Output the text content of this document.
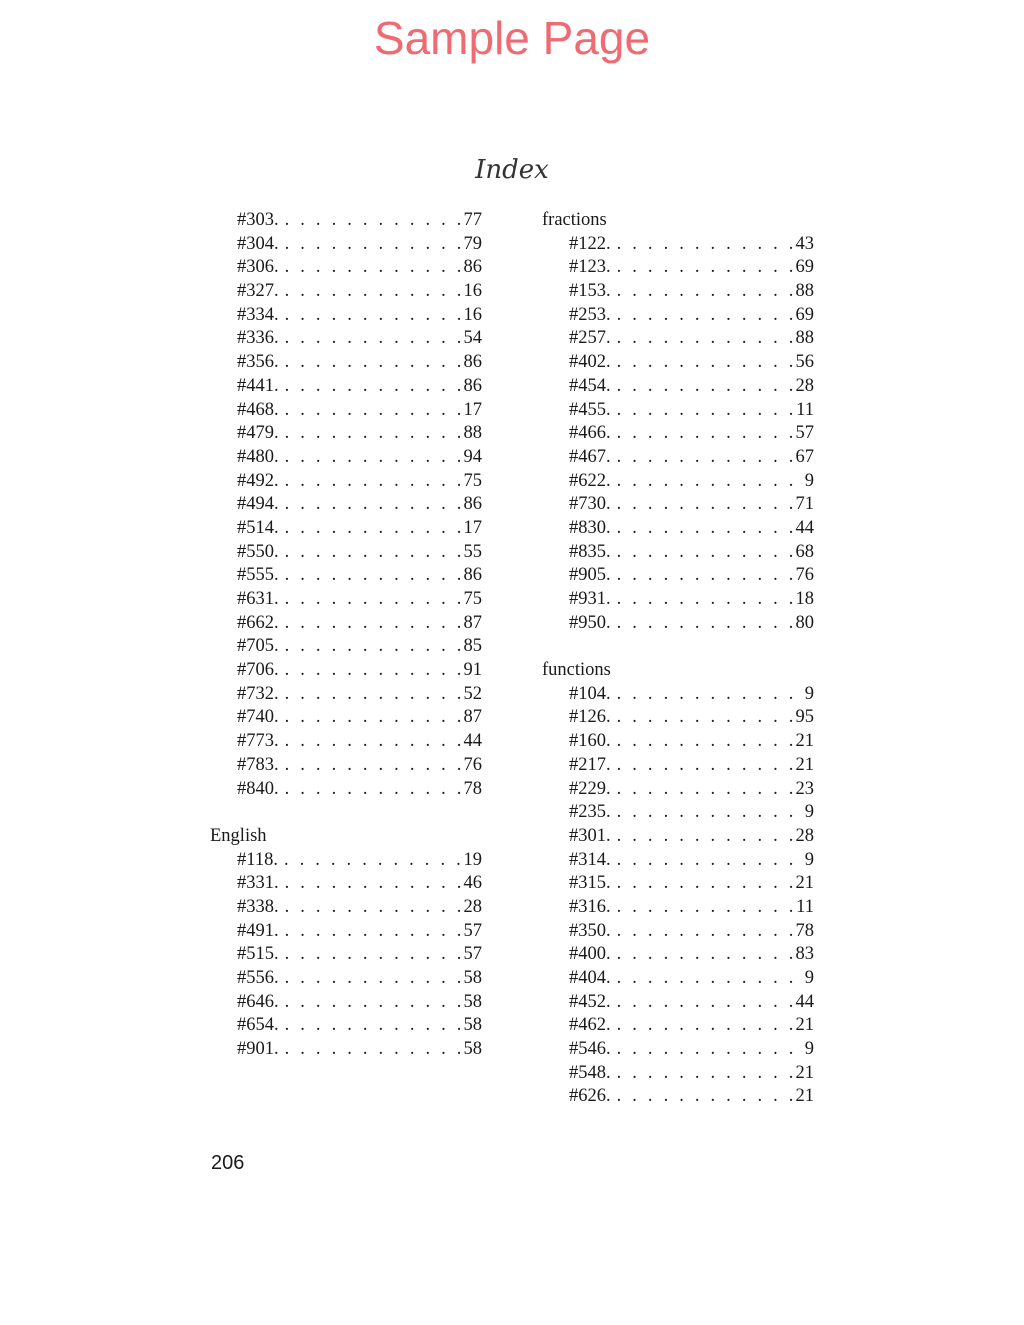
Sample Page
Index
#303. . . .	77
#304. . . .	79
#306. . . .	86
#327. . . .	16
#334. . . .	16
#336. . . .	54
#356. . . .	86
#441. . . .	86
#468. . . .	17
#479. . . .	88
#480. . . .	94
#492. . . .	75
#494. . . .	86
#514. . . .	17
#550. . . .	55
#555. . . .	86
#631. . . .	75
#662. . . .	87
#705. . . .	85
#706. . . .	91
#732. . . .	52
#740. . . .	87
#773. . . .	44
#783. . . .	76
#840. . . .	78
English
#118. . . .	19
#331. . . .	46
#338. . . .	28
#491. . . .	57
#515. . . .	57
#556. . . .	58
#646. . . .	58
#654. . . .	58
#901. . . .	58
fractions
#122. . . .	43
#123. . . .	69
#153. . . .	88
#253. . . .	69
#257. . . .	88
#402. . . .	56
#454. . . .	28
#455. . . .	11
#466. . . .	57
#467. . . .	67
#622. . . .	9
#730. . . .	71
#830. . . .	44
#835. . . .	68
#905. . . .	76
#931. . . .	18
#950. . . .	80
functions
#104. . . .	9
#126. . . .	95
#160. . . .	21
#217. . . .	21
#229. . . .	23
#235. . . .	9
#301. . . .	28
#314. . . .	9
#315. . . .	21
#316. . . .	11
#350. . . .	78
#400. . . .	83
#404. . . .	9
#452. . . .	44
#462. . . .	21
#546. . . .	9
#548. . . .	21
#626. . . .	21
206
